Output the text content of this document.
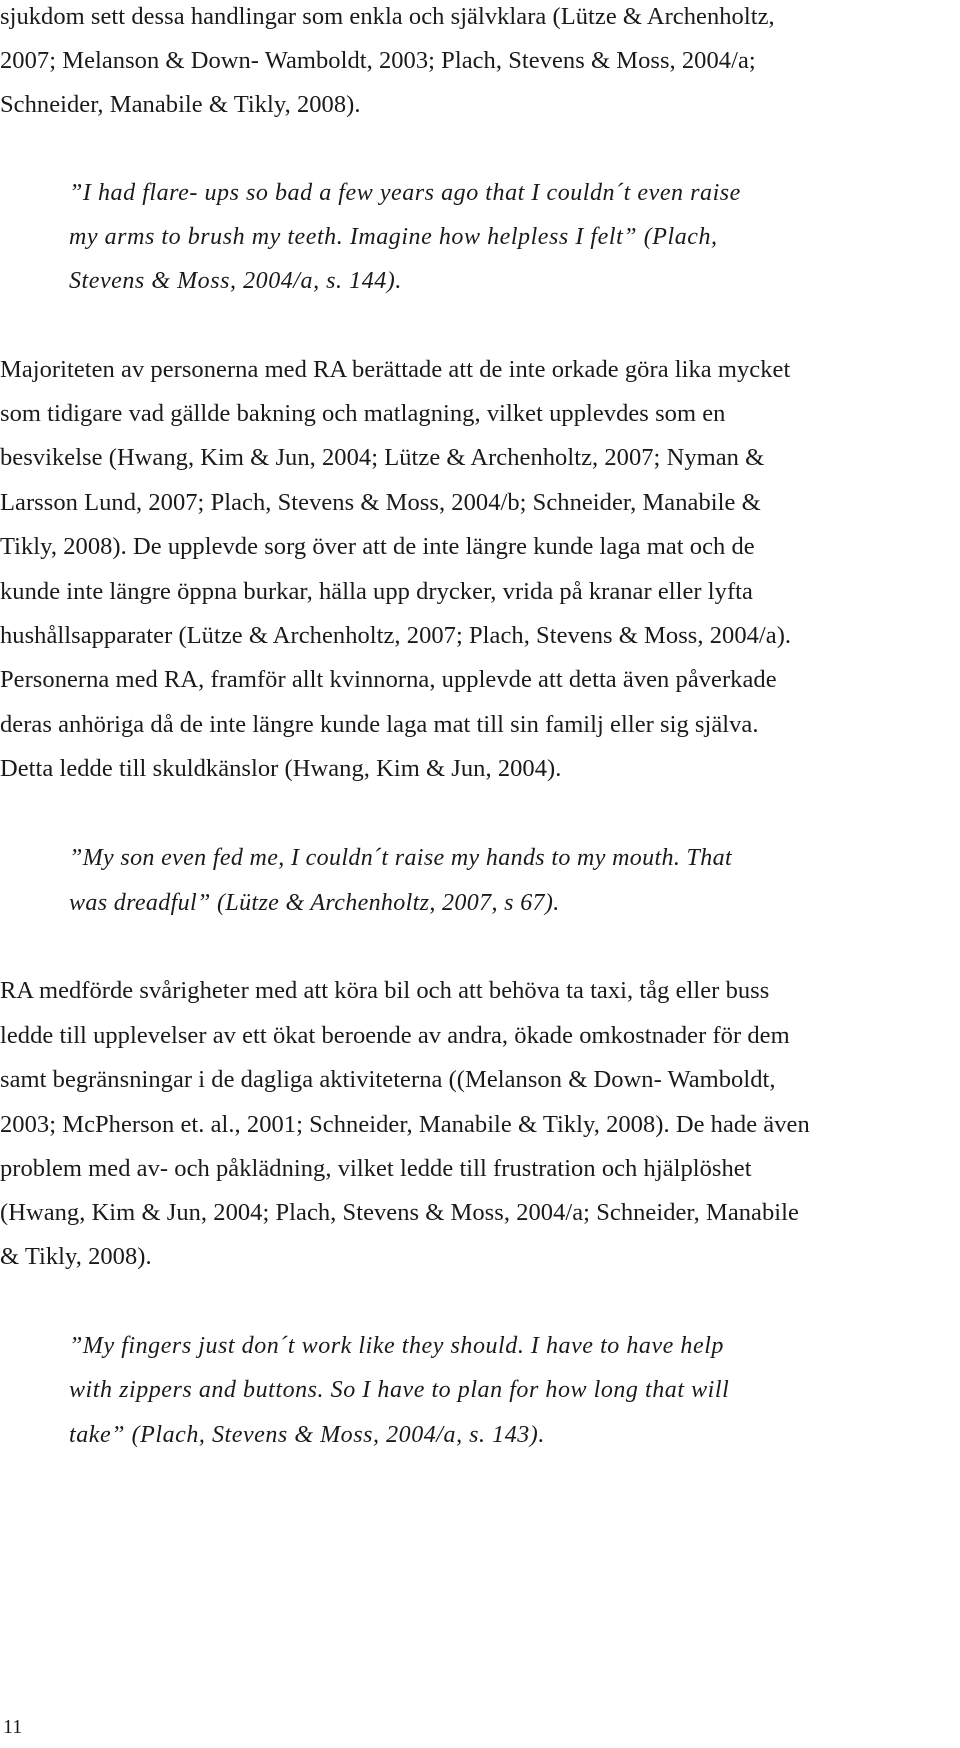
sjukdom sett dessa handlingar som enkla och självklara (Lütze & Archenholtz,
2007; Melanson & Down- Wamboldt, 2003; Plach, Stevens & Moss, 2004/a;
Schneider, Manabile & Tikly, 2008).
”I had flare- ups so bad a few years ago that I couldn´t even raise
my arms to brush my teeth. Imagine how helpless I felt” (Plach,
Stevens & Moss, 2004/a, s. 144).
Majoriteten av personerna med RA berättade att de inte orkade göra lika mycket
som tidigare vad gällde bakning och matlagning, vilket upplevdes som en
besvikelse (Hwang, Kim & Jun, 2004; Lütze & Archenholtz, 2007; Nyman &
Larsson Lund, 2007; Plach, Stevens & Moss, 2004/b; Schneider, Manabile &
Tikly, 2008). De upplevde sorg över att de inte längre kunde laga mat och de
kunde inte längre öppna burkar, hälla upp drycker, vrida på kranar eller lyfta
hushållsapparater (Lütze & Archenholtz, 2007; Plach, Stevens & Moss, 2004/a).
Personerna med RA, framför allt kvinnorna, upplevde att detta även påverkade
deras anhöriga då de inte längre kunde laga mat till sin familj eller sig själva.
Detta ledde till skuldkänslor (Hwang, Kim & Jun, 2004).
”My son even fed me, I couldn´t raise my hands to my mouth. That
was dreadful” (Lütze & Archenholtz, 2007, s 67).
RA medförde svårigheter med att köra bil och att behöva ta taxi, tåg eller buss
ledde till upplevelser av ett ökat beroende av andra, ökade omkostnader för dem
samt begränsningar i de dagliga aktiviteterna ((Melanson & Down- Wamboldt,
2003; McPherson et. al., 2001; Schneider, Manabile & Tikly, 2008). De hade även
problem med av- och påklädning, vilket ledde till frustration och hjälplöshet
(Hwang, Kim & Jun, 2004; Plach, Stevens & Moss, 2004/a; Schneider, Manabile
& Tikly, 2008).
”My fingers just don´t work like they should. I have to have help
with zippers and buttons. So I have to plan for how long that will
take” (Plach, Stevens & Moss, 2004/a, s. 143).
11
